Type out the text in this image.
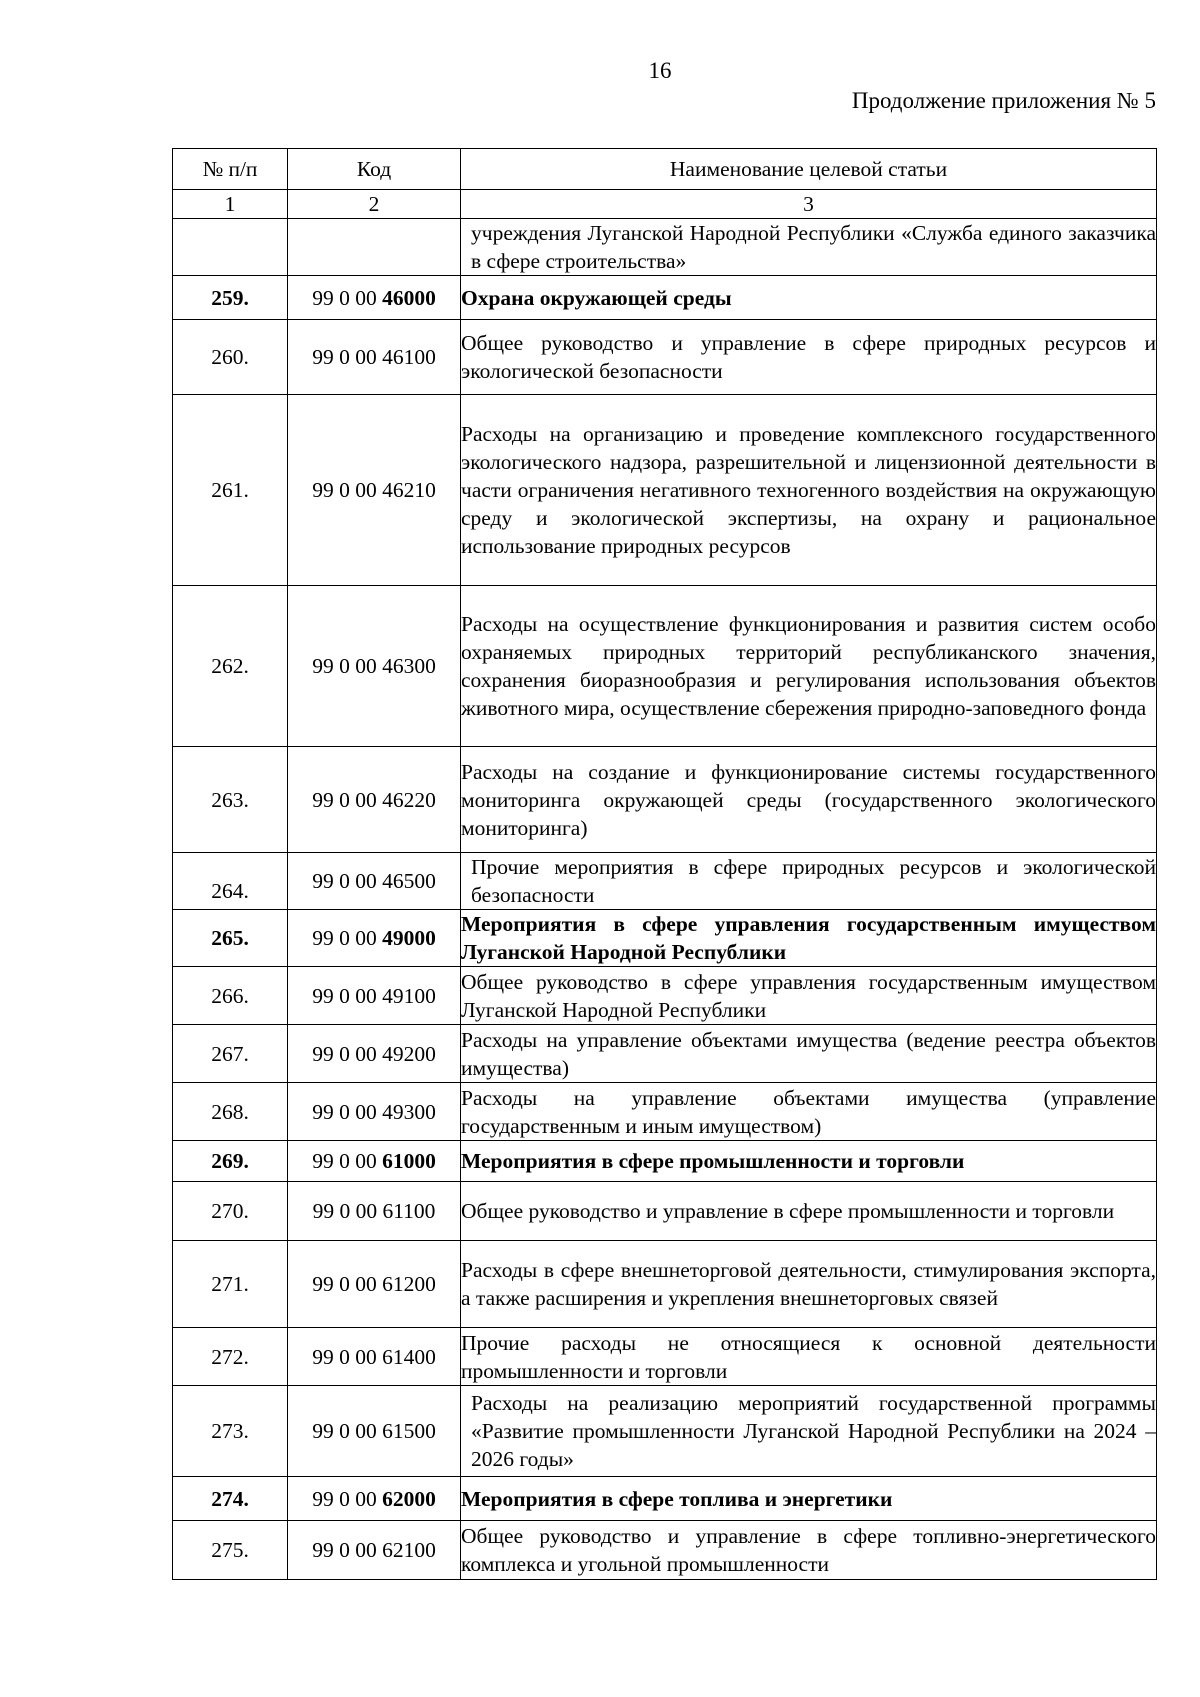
16
Продолжение приложения № 5
№ п/п	Код	Наименование целевой статьи
1	2	3
		учреждения Луганской Народной Республики «Служба единого заказчика в сфере строительства»
259.	99 0 00 46000	Охрана окружающей среды
260.	99 0 00 46100	Общее руководство и управление в сфере природных ресурсов и экологической безопасности
261.	99 0 00 46210	Расходы на организацию и проведение комплексного государственного экологического надзора, разрешительной и лицензионной деятельности в части ограничения негативного техногенного воздействия на окружающую среду и экологической экспертизы, на охрану и рациональное использование природных ресурсов
262.	99 0 00 46300	Расходы на осуществление функционирования и развития систем особо охраняемых природных территорий республиканского значения, сохранения биоразнообразия и регулирования использования объектов животного мира, осуществление сбережения природно-заповедного фонда
263.	99 0 00 46220	Расходы на создание и функционирование системы государственного мониторинга окружающей среды (государственного экологического мониторинга)
264.	99 0 00 46500	Прочие мероприятия в сфере природных ресурсов и экологической безопасности
265.	99 0 00 49000	Мероприятия в сфере управления государственным имуществом Луганской Народной Республики
266.	99 0 00 49100	Общее руководство в сфере управления государственным имуществом Луганской Народной Республики
267.	99 0 00 49200	Расходы на управление объектами имущества (ведение реестра объектов имущества)
268.	99 0 00 49300	Расходы на управление объектами имущества (управление государственным и иным имуществом)
269.	99 0 00 61000	Мероприятия в сфере промышленности и торговли
270.	99 0 00 61100	Общее руководство и управление в сфере промышленности и торговли
271.	99 0 00 61200	Расходы в сфере внешнеторговой деятельности, стимулирования экспорта, а также расширения и укрепления внешнеторговых связей
272.	99 0 00 61400	Прочие расходы не относящиеся к основной деятельности промышленности и торговли
273.	99 0 00 61500	Расходы на реализацию мероприятий государственной программы «Развитие промышленности Луганской Народной Республики на 2024 – 2026 годы»
274.	99 0 00 62000	Мероприятия в сфере топлива и энергетики
275.	99 0 00 62100	Общее руководство и управление в сфере топливно-энергетического комплекса и угольной промышленности
